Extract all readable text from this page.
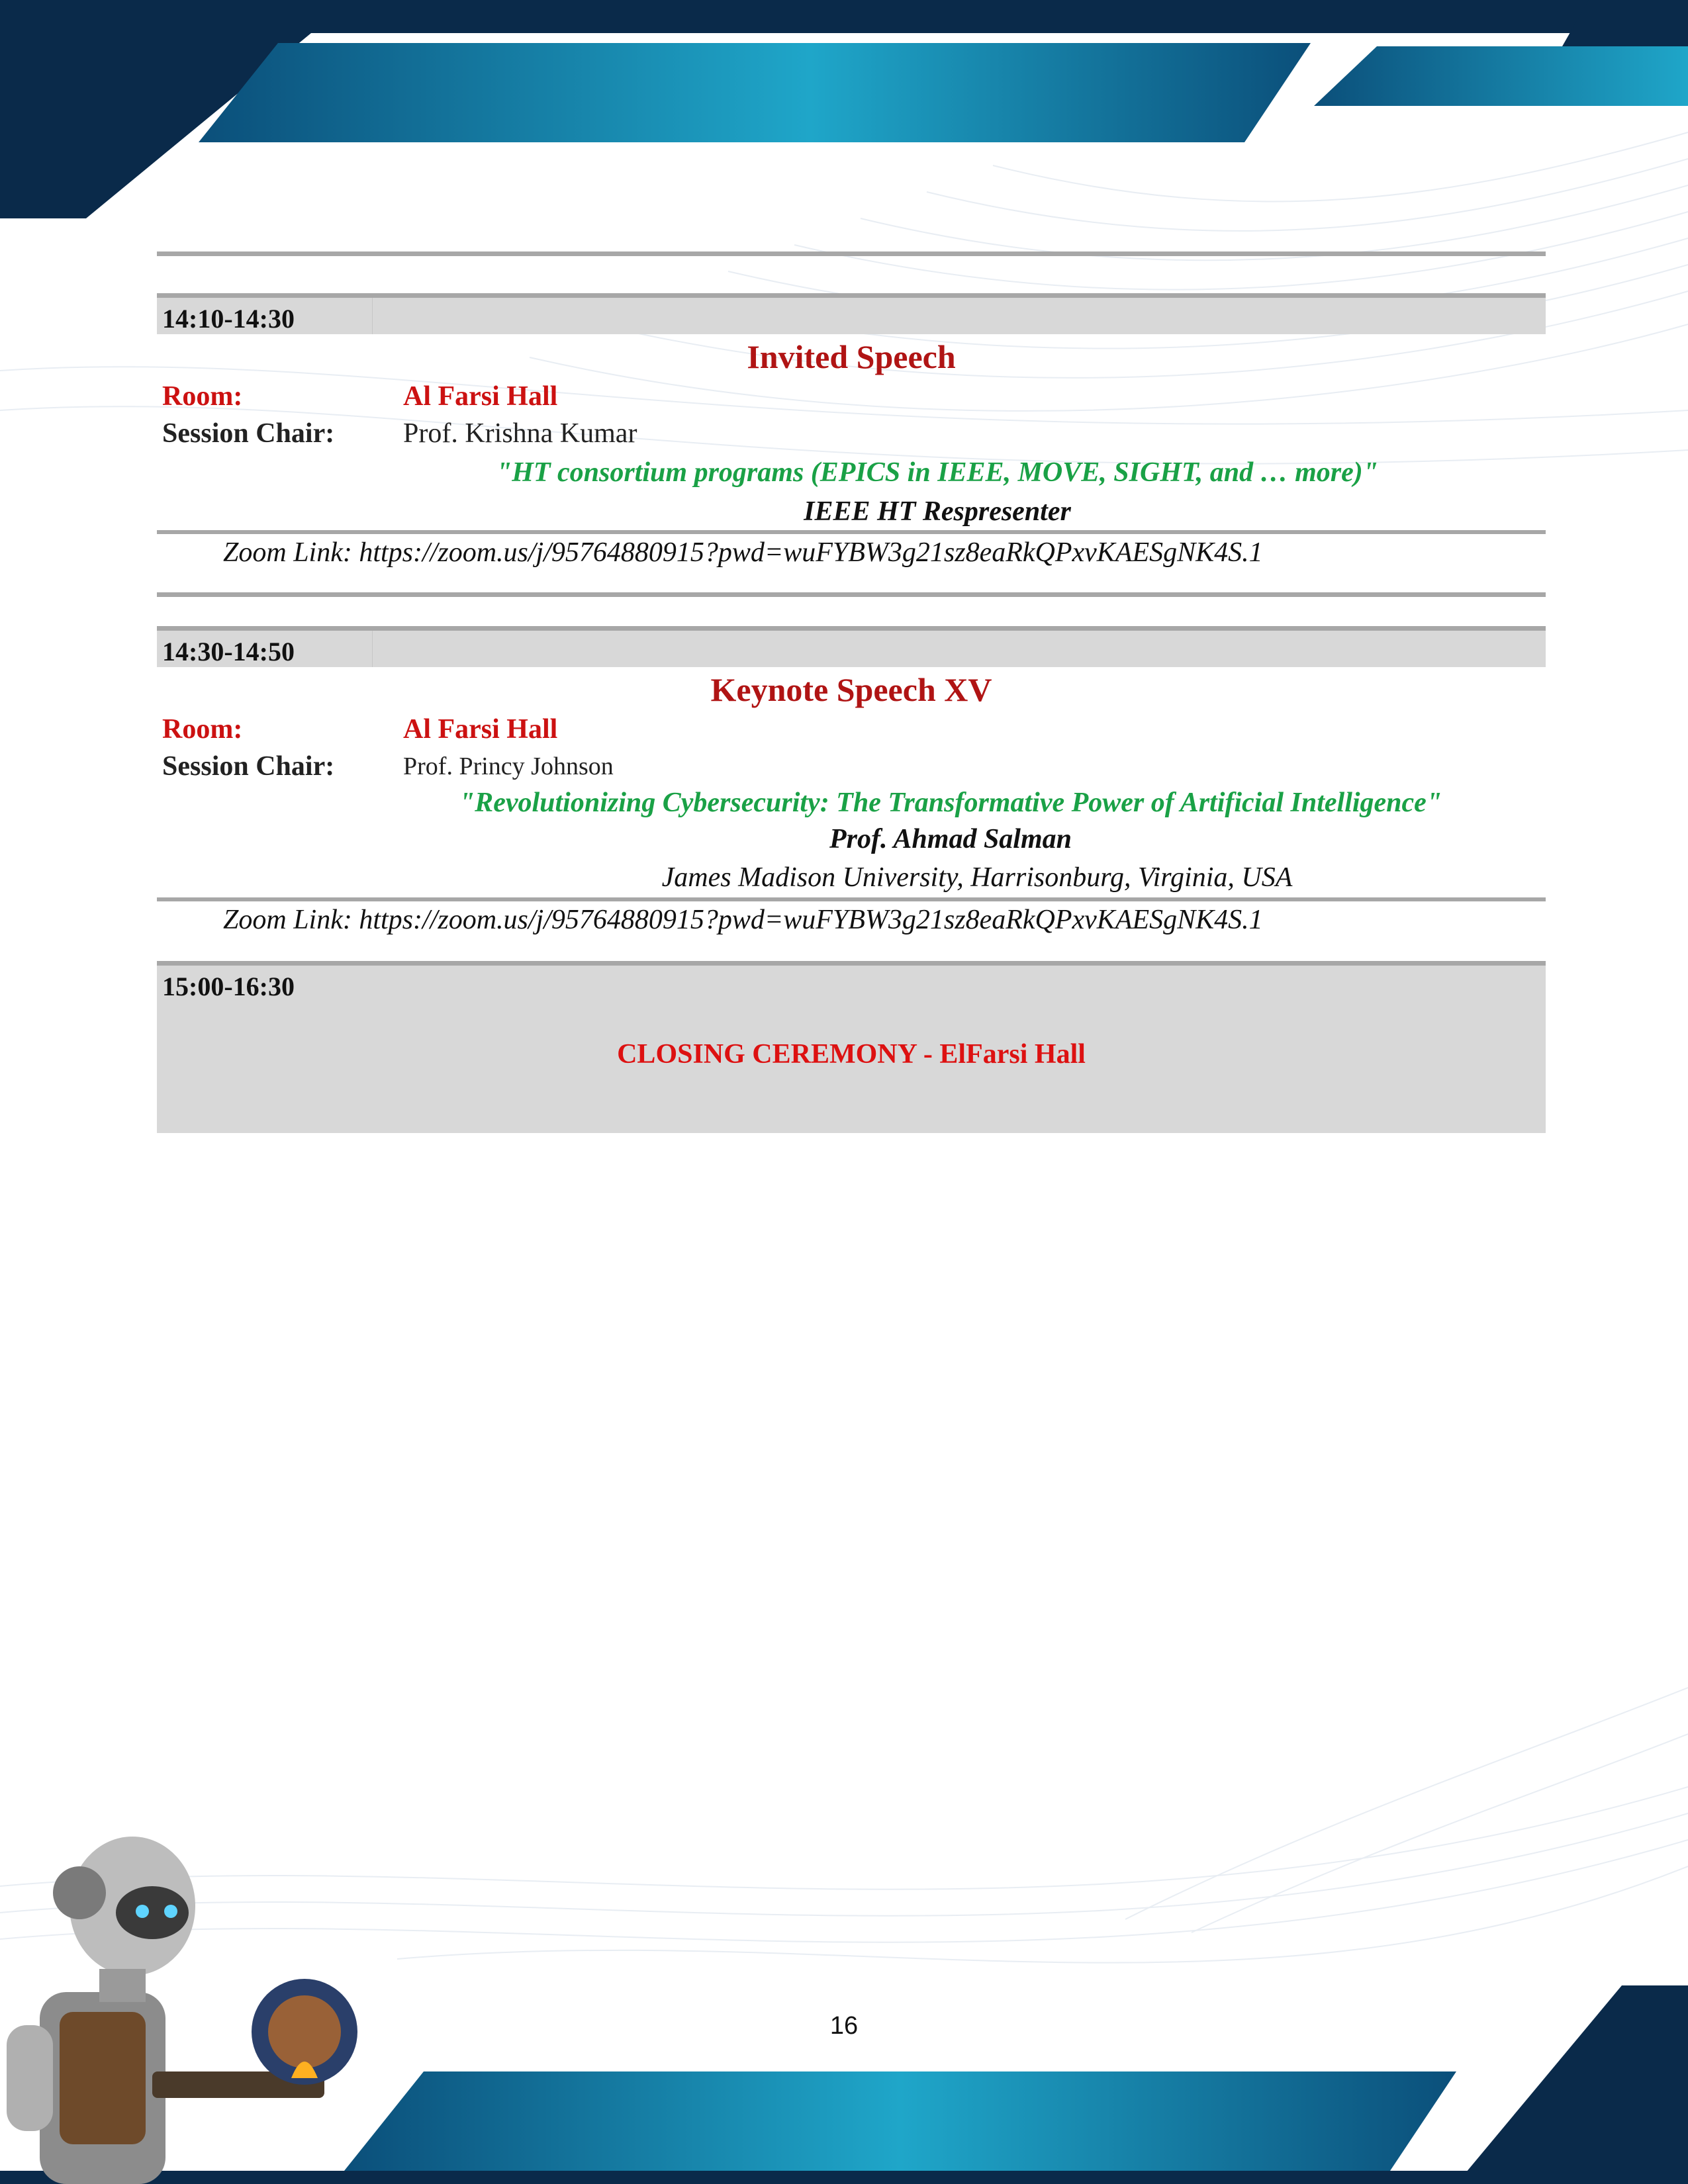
14:10-14:30
Invited Speech
Room:	Al Farsi Hall
Session Chair: Prof. Krishna Kumar
"HT consortium programs (EPICS in IEEE, MOVE, SIGHT, and … more)"
IEEE HT Respresenter
Zoom Link: https://zoom.us/j/95764880915?pwd=wuFYBW3g21sz8eaRkQPxvKAESgNK4S.1
14:30-14:50
Keynote Speech XV
Room:	Al Farsi Hall
Session Chair:	Prof. Princy Johnson
"Revolutionizing Cybersecurity: The Transformative Power of Artificial Intelligence"
Prof. Ahmad Salman
James Madison University, Harrisonburg, Virginia, USA
Zoom Link: https://zoom.us/j/95764880915?pwd=wuFYBW3g21sz8eaRkQPxvKAESgNK4S.1
15:00-16:30
CLOSING CEREMONY - ElFarsi Hall
16
